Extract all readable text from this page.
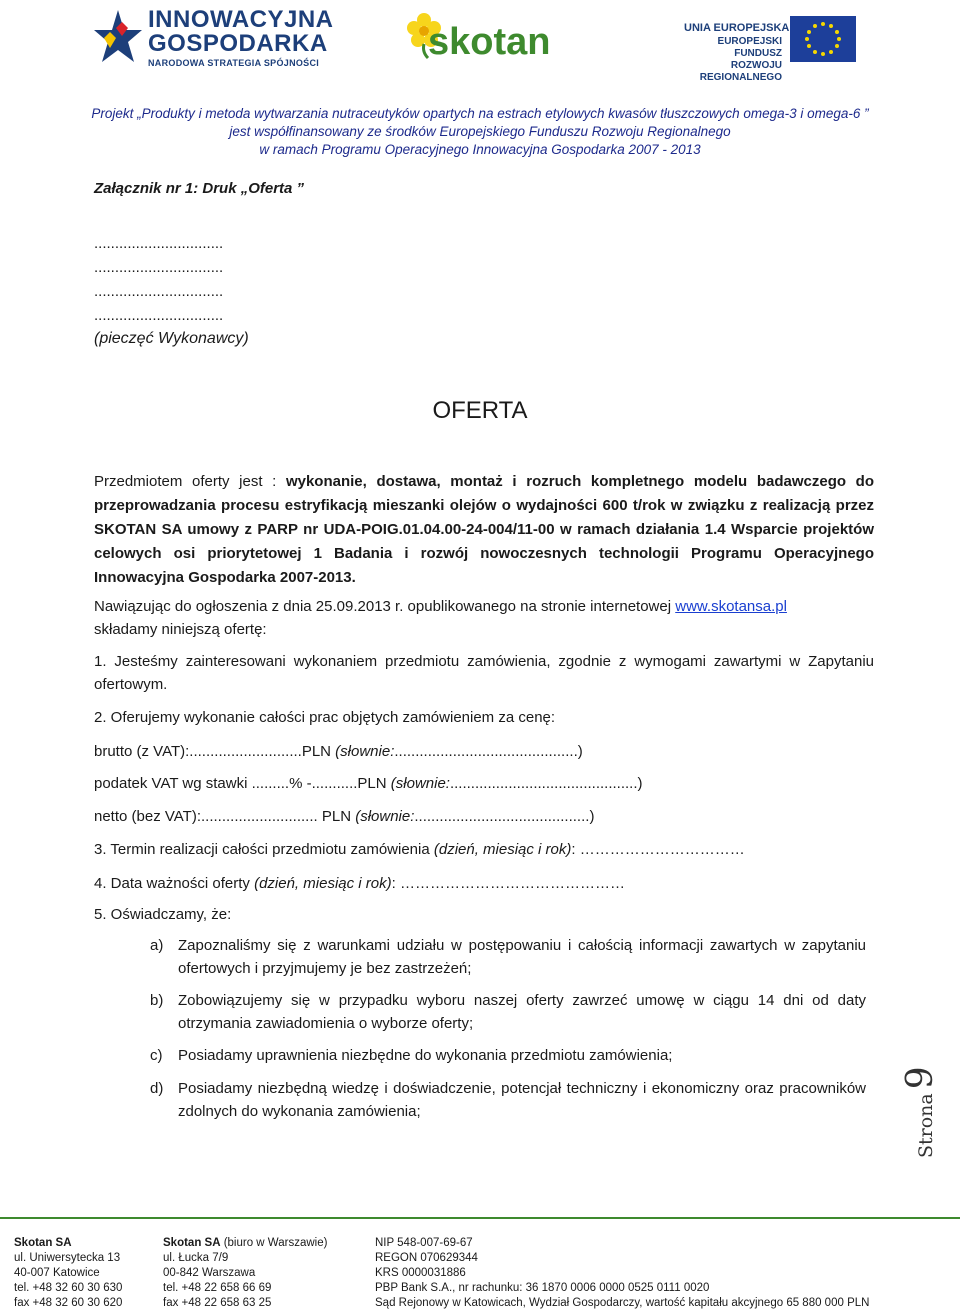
INNOWACYJNA
GOSPODARKA
NARODOWA STRATEGIA SPÓJNOŚCI	skotan	UNIA EUROPEJSKA
EUROPEJSKI FUNDUSZ
ROZWOJU REGIONALNEGO
Projekt „Produkty i metoda wytwarzania nutraceutyków opartych na estrach etylowych kwasów tłuszczowych omega-3 i omega-6 ”
jest współfinansowany ze środków Europejskiego Funduszu Rozwoju Regionalnego
w ramach Programu Operacyjnego Innowacyjna Gospodarka 2007 - 2013
Załącznik nr 1: Druk „Oferta ”
...............................
...............................
...............................
...............................
(pieczęć Wykonawcy)
OFERTA
Przedmiotem oferty jest : wykonanie, dostawa, montaż i rozruch kompletnego modelu badawczego do przeprowadzania procesu estryfikacją mieszanki olejów o wydajności 600 t/rok w związku z realizacją przez SKOTAN SA umowy z PARP nr UDA-POIG.01.04.00-24-004/11-00 w ramach działania 1.4 Wsparcie projektów celowych osi priorytetowej 1 Badania i rozwój nowoczesnych technologii Programu Operacyjnego Innowacyjna Gospodarka 2007-2013.
Nawiązując do ogłoszenia z dnia 25.09.2013 r. opublikowanego na stronie internetowej www.skotansa.pl
składamy niniejszą ofertę:
1. Jesteśmy zainteresowani wykonaniem przedmiotu zamówienia, zgodnie z wymogami zawartymi w Zapytaniu ofertowym.
2. Oferujemy wykonanie całości prac objętych zamówieniem za cenę:
brutto (z VAT):...........................PLN (słownie:............................................)
podatek VAT wg stawki .........% -...........PLN (słownie:.............................................)
netto (bez VAT):............................ PLN (słownie:..........................................)
3. Termin realizacji całości przedmiotu zamówienia (dzień, miesiąc i rok): ……………………………
4. Data ważności oferty (dzień, miesiąc i rok): ………………………………………
5. Oświadczamy, że:
a) Zapoznaliśmy się z warunkami udziału w postępowaniu i całością informacji zawartych w zapytaniu ofertowych i przyjmujemy je bez zastrzeżeń;
b) Zobowiązujemy się w przypadku wyboru naszej oferty zawrzeć umowę w ciągu 14 dni od daty otrzymania zawiadomienia o wyborze oferty;
c) Posiadamy uprawnienia niezbędne do wykonania przedmiotu zamówienia;
d) Posiadamy niezbędną wiedzę i doświadczenie, potencjał techniczny i ekonomiczny oraz pracowników zdolnych do wykonania zamówienia;	Strona9
Skotan SA
ul. Uniwersytecka 13
40-007 Katowice
tel. +48 32 60 30 630
fax +48 32 60 30 620
Skotan SA (biuro w Warszawie)
ul. Łucka 7/9
00-842 Warszawa
tel. +48 22 658 66 69
fax +48 22 658 63 25
NIP 548-007-69-67
REGON 070629344
KRS 0000031886
PBP Bank S.A., nr rachunku: 36 1870 0006 0000 0525 0111 0020
Sąd Rejonowy w Katowicach, Wydział Gospodarczy, wartość kapitału akcyjnego 65 880 000 PLN
